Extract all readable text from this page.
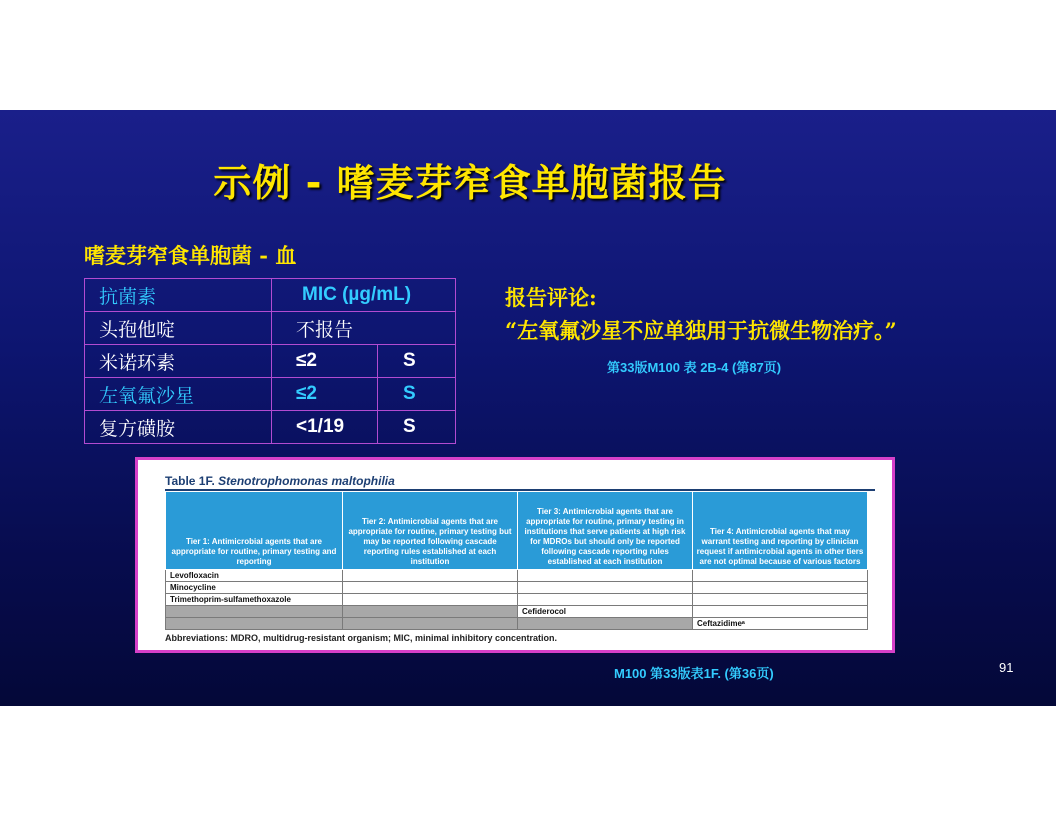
示例 - 嗜麦芽窄食单胞菌报告
嗜麦芽窄食单胞菌 - 血
抗菌素	MIC (µg/mL)	
头孢他啶	不报告	
米诺环素	≤2	S
左氧氟沙星	≤2	S
复方磺胺	<1/19	S
报告评论:
“左氧氟沙星不应单独用于抗微生物治疗。”
第33版M100 表 2B-4 (第87页)
Table 1F. Stenotrophomonas maltophilia
Tier 1: Antimicrobial agents that are appropriate for routine, primary testing and reporting	Tier 2: Antimicrobial agents that are appropriate for routine, primary testing but may be reported following cascade reporting rules established at each institution	Tier 3: Antimicrobial agents that are appropriate for routine, primary testing in institutions that serve patients at high risk for MDROs but should only be reported following cascade reporting rules established at each institution	Tier 4: Antimicrobial agents that may warrant testing and reporting by clinician request if antimicrobial agents in other tiers are not optimal because of various factors
Levofloxacin			
Minocycline			
Trimethoprim-sulfamethoxazole			
		Cefiderocol	
			Ceftazidimeᵃ
Abbreviations: MDRO, multidrug-resistant organism; MIC, minimal inhibitory concentration.
M100 第33版表1F. (第36页)	91
